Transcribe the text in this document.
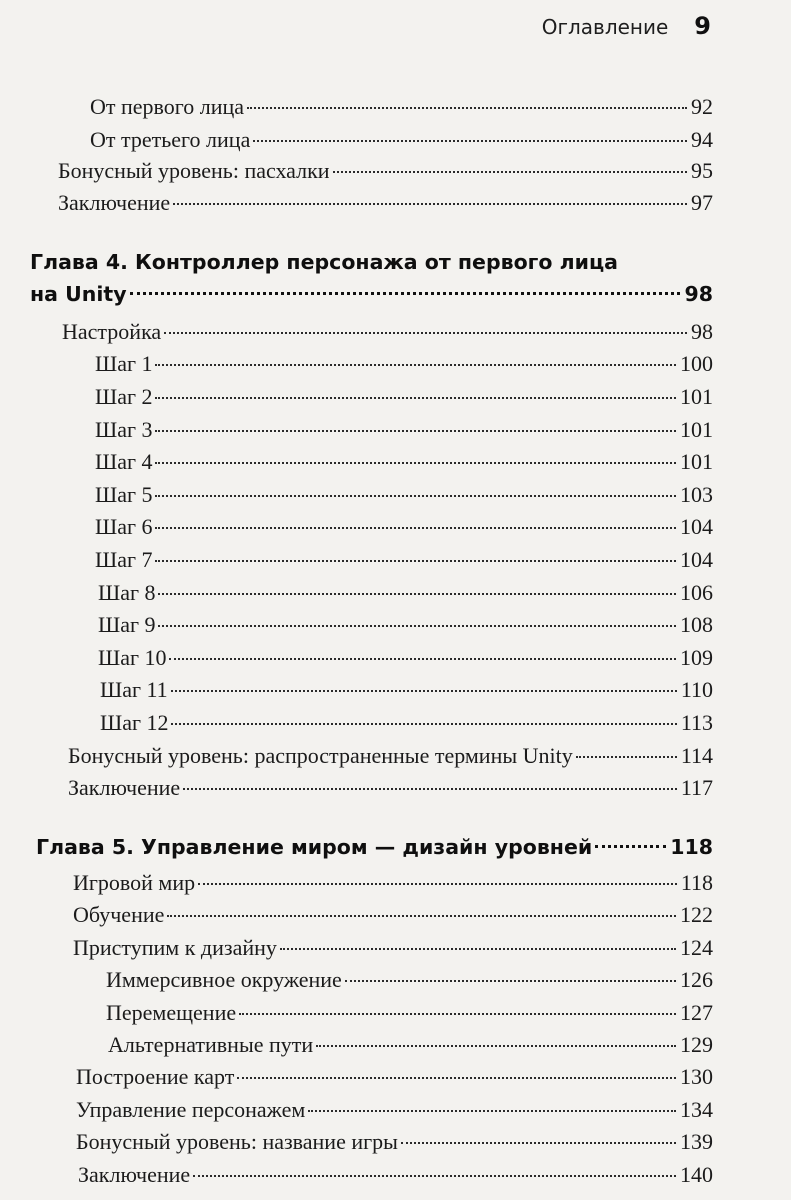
Оглавление 9
От первого лица	92
От третьего лица	94
Бонусный уровень: пасхалки	95
Заключение	97
Глава 4. Контроллер персонажа от первого лица
на Unity	98
Настройка	98
Шаг 1	100
Шаг 2	101
Шаг 3	101
Шаг 4	101
Шаг 5	103
Шаг 6	104
Шаг 7	104
Шаг 8	106
Шаг 9	108
Шаг 10	109
Шаг 11	110
Шаг 12	113
Бонусный уровень: распространенные термины Unity	114
Заключение	117
Глава 5. Управление миром — дизайн уровней	118
Игровой мир	118
Обучение	122
Приступим к дизайну	124
Иммерсивное окружение	126
Перемещение	127
Альтернативные пути	129
Построение карт	130
Управление персонажем	134
Бонусный уровень: название игры	139
Заключение	140
